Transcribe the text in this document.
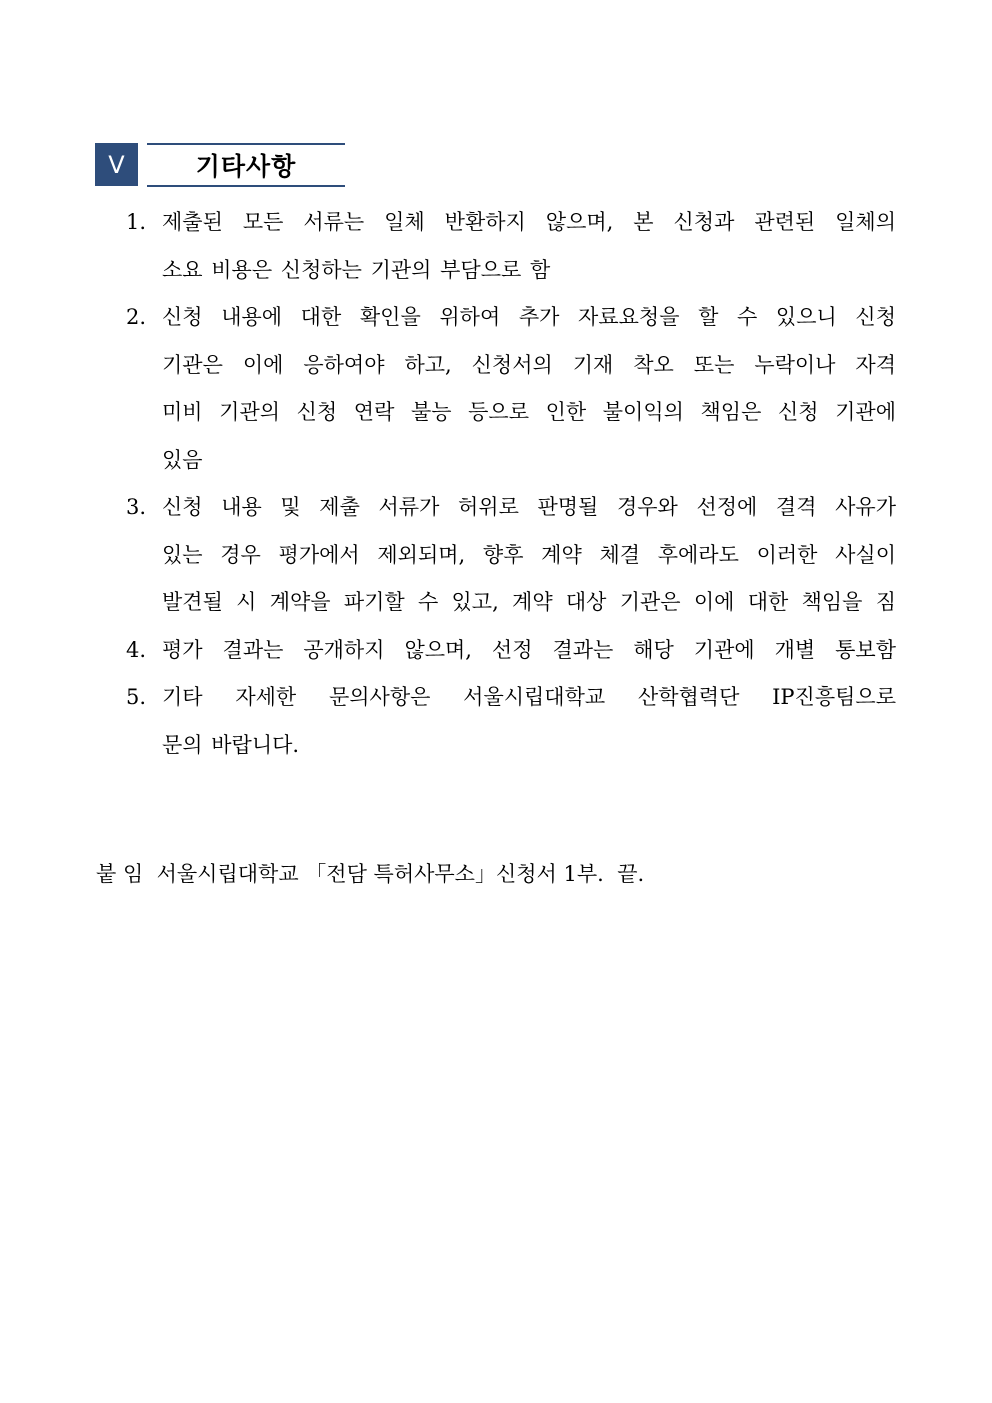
Ⅴ	기타사항
1. 제출된 모든 서류는 일체 반환하지 않으며, 본 신청과 관련된 일체의
소요 비용은 신청하는 기관의 부담으로 함
2. 신청 내용에 대한 확인을 위하여 추가 자료요청을 할 수 있으니 신청
기관은 이에 응하여야 하고, 신청서의 기재 착오 또는 누락이나 자격
미비 기관의 신청 연락 불능 등으로 인한 불이익의 책임은 신청 기관에
있음
3. 신청 내용 및 제출 서류가 허위로 판명될 경우와 선정에 결격 사유가
있는 경우 평가에서 제외되며, 향후 계약 체결 후에라도 이러한 사실이
발견될 시 계약을 파기할 수 있고, 계약 대상 기관은 이에 대한 책임을 짐
4. 평가 결과는 공개하지 않으며, 선정 결과는 해당 기관에 개별 통보함
5. 기타 자세한 문의사항은 서울시립대학교 산학협력단 IP진흥팀으로
문의 바랍니다.
붙 임 서울시립대학교 「전담 특허사무소」신청서 1부. 끝.
